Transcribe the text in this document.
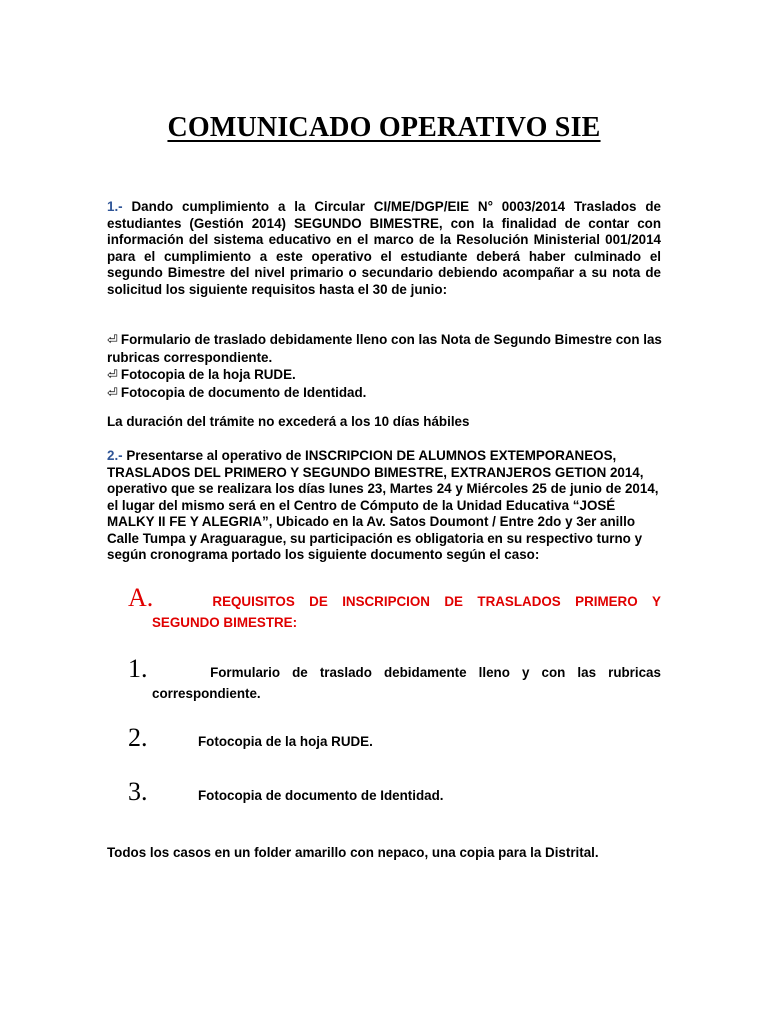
COMUNICADO OPERATIVO SIE
1.- Dando cumplimiento a la Circular CI/ME/DGP/EIE N° 0003/2014 Traslados de estudiantes (Gestión 2014) SEGUNDO BIMESTRE, con la finalidad de contar con información del sistema educativo en el marco de la Resolución Ministerial 001/2014 para el cumplimiento a este operativo el estudiante deberá haber culminado el segundo Bimestre del nivel primario o secundario debiendo acompañar a su nota de solicitud los siguiente requisitos hasta el 30 de junio:
⏎ Formulario de traslado debidamente lleno con las Nota de Segundo Bimestre con las rubricas correspondiente.
⏎ Fotocopia de la hoja RUDE.
⏎ Fotocopia de documento de Identidad.
La duración del trámite no excederá a los 10 días hábiles
2.- Presentarse al operativo de INSCRIPCION DE ALUMNOS EXTEMPORANEOS, TRASLADOS DEL PRIMERO Y SEGUNDO BIMESTRE, EXTRANJEROS GETION 2014, operativo que se realizara los días lunes 23, Martes 24 y Miércoles 25 de junio de 2014, el lugar del mismo será en el Centro de Cómputo de la Unidad Educativa “JOSÉ MALKY II FE Y ALEGRIA”, Ubicado en la Av. Satos Doumont / Entre 2do y 3er anillo Calle Tumpa y Araguarague, su participación es obligatoria en su respectivo turno y según cronograma portado los siguiente documento según el caso:
A.	REQUISITOS DE INSCRIPCION DE TRASLADOS PRIMERO Y
SEGUNDO BIMESTRE:
1.	Formulario de traslado debidamente lleno y con las rubricas
correspondiente.
2.	Fotocopia de la hoja RUDE.
3.	Fotocopia de documento de Identidad.
Todos los casos en un folder amarillo con nepaco, una copia para la Distrital.
